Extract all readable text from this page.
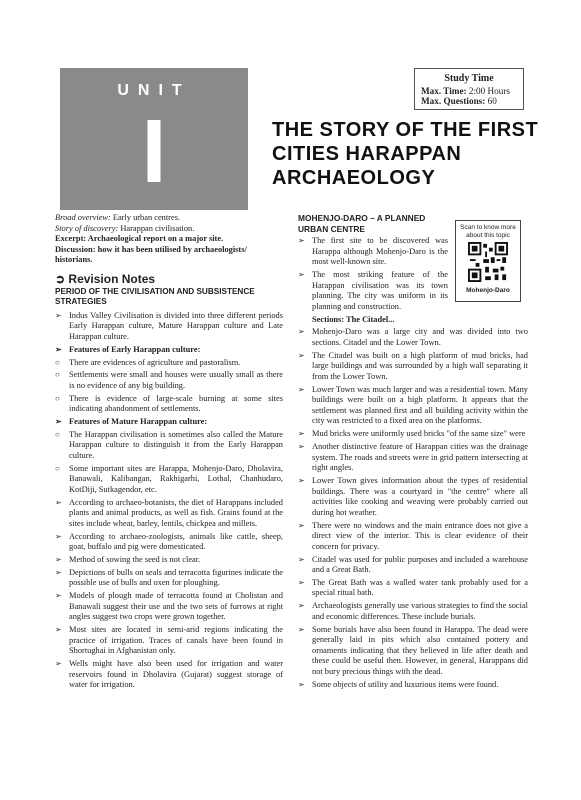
UNIT
I
Study Time
Max. Time: 2:00 Hours
Max. Questions: 60
THE STORY OF THE FIRST CITIES HARAPPAN ARCHAEOLOGY

Broad overview: Early urban centres.

Story of discovery: Harappan civilisation.

Excerpt: Archaeological report on a major site.

Discussion: how it has been utilised by archaeologists/ historians.

➲ Revision Notes
PERIOD OF THE CIVILISATION AND SUBSISTENCE STRATEGIES
➢ Indus Valley Civilisation is divided into three different periods Early Harappan culture, Mature Harappan culture and Late Harappan culture.
➢ Features of Early Harappan culture:
○ There are evidences of agriculture and pastoralism.
○ Settlements were small and houses were usually small as there is no evidence of any big building.
○ There is evidence of large-scale burning at some sites indicating abandonment of settlements.
➢ Features of Mature Harappan culture:
○ The Harappan civilisation is sometimes also called the Mature Harappan culture to distinguish it from the Early Harappan culture.
○ Some important sites are Harappa, Mohenjo-Daro, Dholavira, Banawali, Kalibangan, Rakhigarhi, Lothal, Chanhudaro, KotDiji, Sutkagendor, etc.
➢ According to archaeo-botanists, the diet of Harappans included plants and animal products, as well as fish. Grains found at the sites include wheat, barley, lentils, chickpea and millets.
➢ According to archaeo-zoologists, animals like cattle, sheep, goat, buffalo and pig were domesticated.
➢ Method of sowing the seed is not clear.
➢ Depictions of bulls on seals and terracotta figurines indicate the possible use of bulls and oxen for ploughing.
➢ Models of plough made of terracotta found at Cholistan and Banawali suggest their use and the two sets of furrows at right angles suggest two crops were grown together.
➢ Most sites are located in semi-arid regions indicating the practice of irrigation. Traces of canals have been found in Shortughai in Afghanistan only.
➢ Wells might have also been used for irrigation and water reservoirs found in Dholavira (Gujarat) suggest storage of water for irrigation.
MOHENJO-DARO – A PLANNED URBAN CENTRE	Scan to know more about this topic
Mohenjo-Daro
➢ The first site to be discovered was Harappa although Mohenjo-Daro is the most well-known site.
➢ The most striking feature of the Harappan civilisation was its town planning. The city was uniform in its planning and construction.
Sections: The Citadel...
➢ Mohenjo-Daro was a large city and was divided into two sections. Citadel and the Lower Town.
➢ The Citadel was built on a high platform of mud bricks, had large buildings and was surrounded by a high wall separating it from the Lower Town.
➢ Lower Town was much larger and was a residential town. Many buildings were built on a high platform. It appears that the settlement was planned first and all building activity within the city was restricted to a fixed area on the platforms.
➢ Mud bricks were uniformly used bricks "of the same size" were
➢ Another distinctive feature of Harappan cities was the drainage system. The roads and streets were in grid pattern intersecting at right angles.
➢ Lower Town gives information about the types of residential buildings. There was a courtyard in "the centre" where all activities like cooking and weaving were probably carried out during hot weather.
➢ There were no windows and the main entrance does not give a direct view of the interior. This is clear evidence of their concern for privacy.
➢ Citadel was used for public purposes and included a warehouse and a Great Bath.
➢ The Great Bath was a walled water tank probably used for a special ritual bath.
➢ Archaeologists generally use various strategies to find the social and economic differences. These include burials.
➢ Some burials have also been found in Harappa. The dead were generally laid in pits which also contained pottery and ornaments indicating that they believed in life after death and these could be useful then. However, in general, Harappans did not bury precious things with the dead.
➢ Some objects of utility and luxurious items were found.
